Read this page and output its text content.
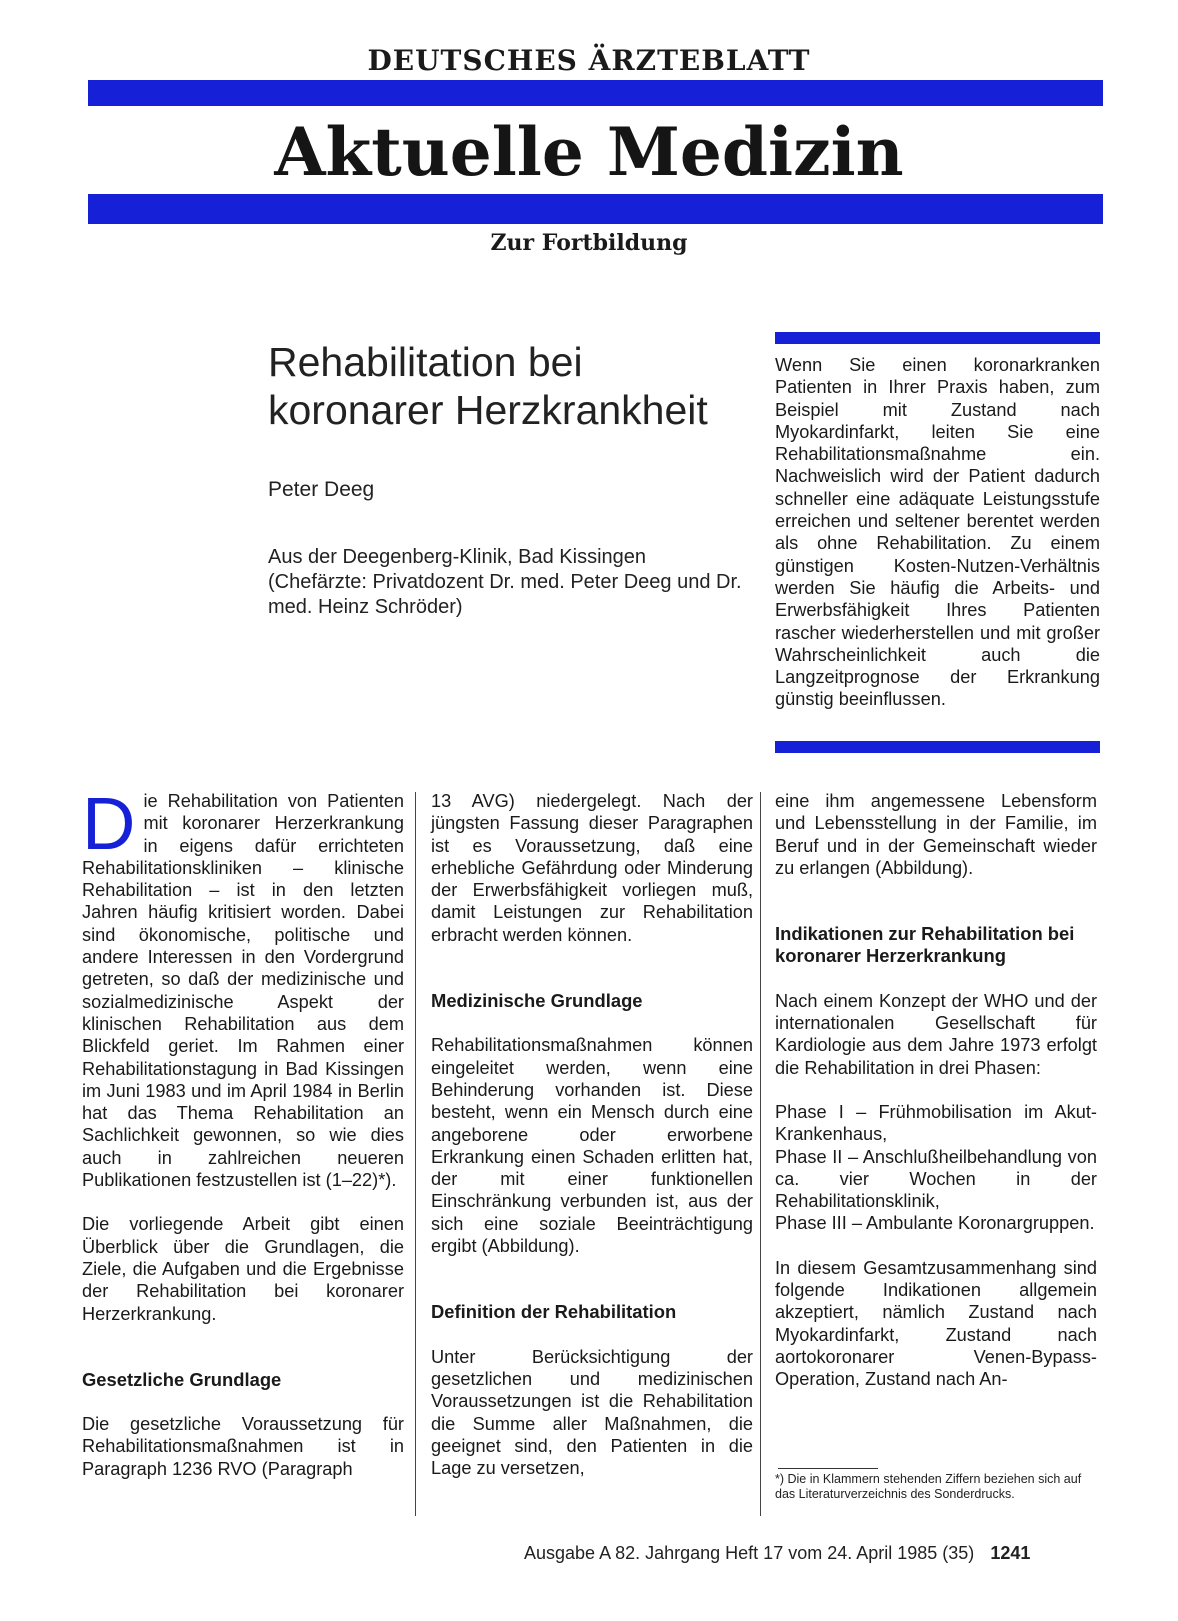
DEUTSCHES ÄRZTEBLATT
Aktuelle Medizin
Zur Fortbildung
Rehabilitation bei
koronarer Herzkrankheit
Peter Deeg
Aus der Deegenberg-Klinik, Bad Kissingen (Chefärzte: Privatdozent Dr. med. Peter Deeg und Dr. med. Heinz Schröder)
Wenn Sie einen koronarkranken Patienten in Ihrer Praxis haben, zum Beispiel mit Zustand nach Myokardinfarkt, leiten Sie eine Rehabilitationsmaßnahme ein. Nachweislich wird der Patient dadurch schneller eine adäquate Leistungsstufe erreichen und seltener berentet werden als ohne Rehabilitation. Zu einem günstigen Kosten-Nutzen-Verhältnis werden Sie häufig die Arbeits- und Erwerbsfähigkeit Ihres Patienten rascher wiederherstellen und mit großer Wahrscheinlichkeit auch die Langzeitprognose der Erkrankung günstig beeinflussen.

Die Rehabilitation von Patienten mit koronarer Herzerkrankung in eigens dafür errichteten Rehabilitationskliniken – klinische Rehabilitation – ist in den letzten Jahren häufig kritisiert worden. Dabei sind ökonomische, politische und andere Interessen in den Vordergrund getreten, so daß der medizinische und sozialmedizinische Aspekt der klinischen Rehabilitation aus dem Blickfeld geriet. Im Rahmen einer Rehabilitationstagung in Bad Kissingen im Juni 1983 und im April 1984 in Berlin hat das Thema Rehabilitation an Sachlichkeit gewonnen, so wie dies auch in zahlreichen neueren Publikationen festzustellen ist (1–22)*).

Die vorliegende Arbeit gibt einen Überblick über die Grundlagen, die Ziele, die Aufgaben und die Ergebnisse der Rehabilitation bei koronarer Herzerkrankung.

Gesetzliche Grundlage

Die gesetzliche Voraussetzung für Rehabilitationsmaßnahmen ist in Paragraph 1236 RVO (Paragraph

13 AVG) niedergelegt. Nach der jüngsten Fassung dieser Paragraphen ist es Voraussetzung, daß eine erhebliche Gefährdung oder Minderung der Erwerbsfähigkeit vorliegen muß, damit Leistungen zur Rehabilitation erbracht werden können.

Medizinische Grundlage

Rehabilitationsmaßnahmen können eingeleitet werden, wenn eine Behinderung vorhanden ist. Diese besteht, wenn ein Mensch durch eine angeborene oder erworbene Erkrankung einen Schaden erlitten hat, der mit einer funktionellen Einschränkung verbunden ist, aus der sich eine soziale Beeinträchtigung ergibt (Abbildung).

Definition der Rehabilitation

Unter Berücksichtigung der gesetzlichen und medizinischen Voraussetzungen ist die Rehabilitation die Summe aller Maßnahmen, die geeignet sind, den Patienten in die Lage zu versetzen,

eine ihm angemessene Lebensform und Lebensstellung in der Familie, im Beruf und in der Gemeinschaft wieder zu erlangen (Abbildung).

Indikationen zur Rehabilitation bei koronarer Herzerkrankung

Nach einem Konzept der WHO und der internationalen Gesellschaft für Kardiologie aus dem Jahre 1973 erfolgt die Rehabilitation in drei Phasen:

Phase I – Frühmobilisation im Akut-Krankenhaus,

Phase II – Anschlußheilbehandlung von ca. vier Wochen in der Rehabilitationsklinik,

Phase III – Ambulante Koronargruppen.

In diesem Gesamtzusammenhang sind folgende Indikationen allgemein akzeptiert, nämlich Zustand nach Myokardinfarkt, Zustand nach aortokoronarer Venen-Bypass-Operation, Zustand nach An-

*) Die in Klammern stehenden Ziffern beziehen sich auf das Literaturverzeichnis des Sonderdrucks.
Ausgabe A 82. Jahrgang Heft 17 vom 24. April 1985 (35) 1241
